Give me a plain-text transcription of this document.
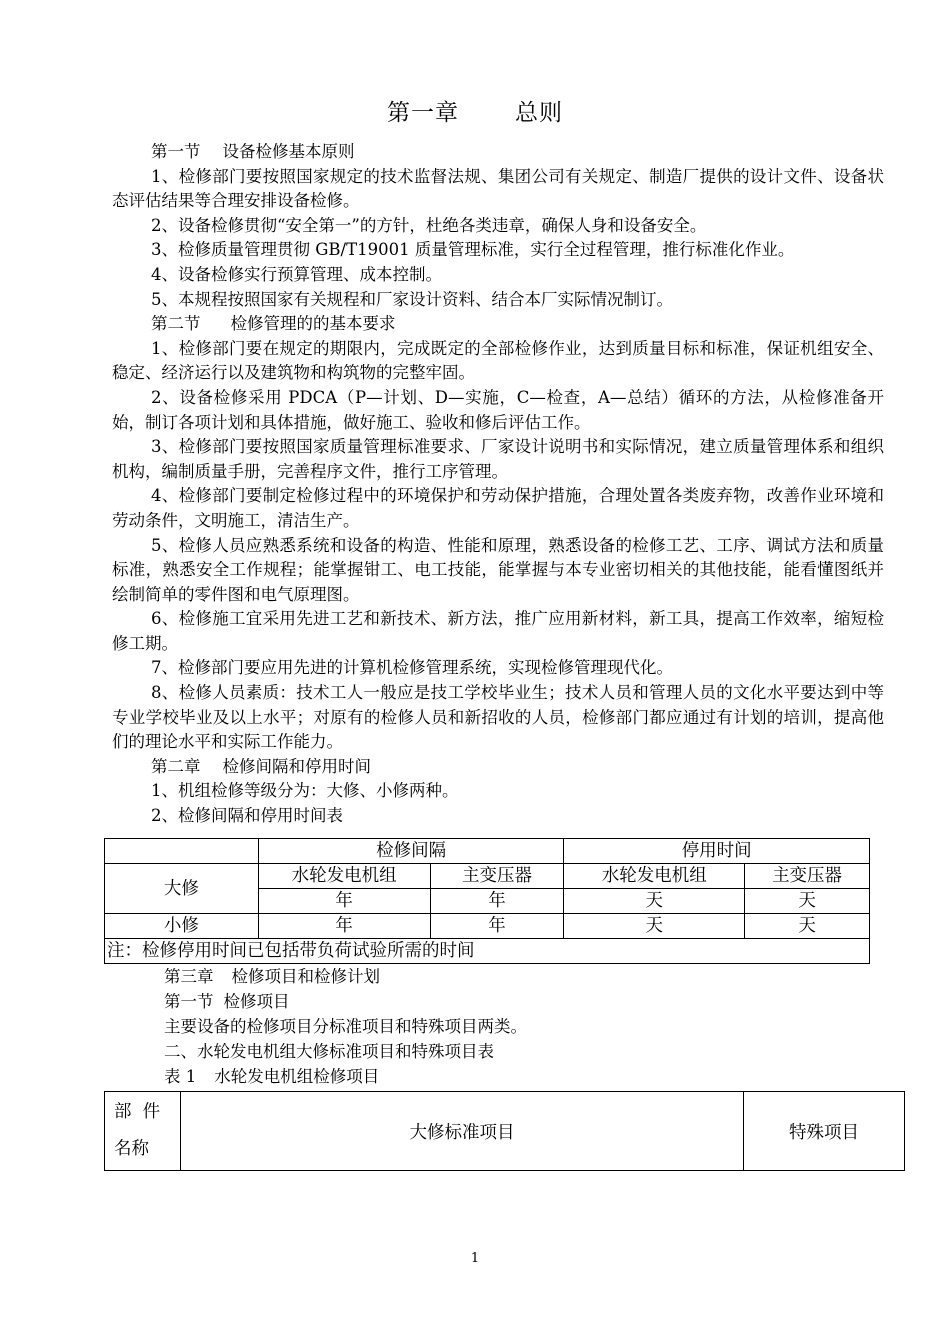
第一章 总则
第一节 设备检修基本原则

1、检修部门要按照国家规定的技术监督法规、集团公司有关规定、制造厂提供的设计文件、设备状态评估结果等合理安排设备检修。

2、设备检修贯彻“安全第一”的方针，杜绝各类违章，确保人身和设备安全。

3、检修质量管理贯彻 GB/T19001 质量管理标准，实行全过程管理，推行标准化作业。

4、设备检修实行预算管理、成本控制。

5、本规程按照国家有关规程和厂家设计资料、结合本厂实际情况制订。

第二节 检修管理的的基本要求

1、检修部门要在规定的期限内，完成既定的全部检修作业，达到质量目标和标准，保证机组安全、稳定、经济运行以及建筑物和构筑物的完整牢固。

2、设备检修采用 PDCA（P—计划、D—实施，C—检查，A—总结）循环的方法，从检修准备开始，制订各项计划和具体措施，做好施工、验收和修后评估工作。

3、检修部门要按照国家质量管理标准要求、厂家设计说明书和实际情况，建立质量管理体系和组织机构，编制质量手册，完善程序文件，推行工序管理。

4、检修部门要制定检修过程中的环境保护和劳动保护措施，合理处置各类废弃物，改善作业环境和劳动条件，文明施工，清洁生产。

5、检修人员应熟悉系统和设备的构造、性能和原理，熟悉设备的检修工艺、工序、调试方法和质量标准，熟悉安全工作规程；能掌握钳工、电工技能，能掌握与本专业密切相关的其他技能，能看懂图纸并绘制简单的零件图和电气原理图。

6、检修施工宜采用先进工艺和新技术、新方法，推广应用新材料，新工具，提高工作效率，缩短检修工期。

7、检修部门要应用先进的计算机检修管理系统，实现检修管理现代化。

8、检修人员素质：技术工人一般应是技工学校毕业生；技术人员和管理人员的文化水平要达到中等专业学校毕业及以上水平；对原有的检修人员和新招收的人员，检修部门都应通过有计划的培训，提高他们的理论水平和实际工作能力。

第二章 检修间隔和停用时间

1、机组检修等级分为：大修、小修两种。

2、检修间隔和停用时间表

	检修间隔		停用时间	
大修	水轮发电机组	主变压器	水轮发电机组	主变压器
	年	年	天	天
小修	年	年	天	天
注：检修停用时间已包括带负荷试验所需的时间				
第三章 检修项目和检修计划
第一节 检修项目
主要设备的检修项目分标准项目和特殊项目两类。
二、水轮发电机组大修标准项目和特殊项目表
表 1 水轮发电机组检修项目
部  件
名称
	大修标准项目	特殊项目
1
